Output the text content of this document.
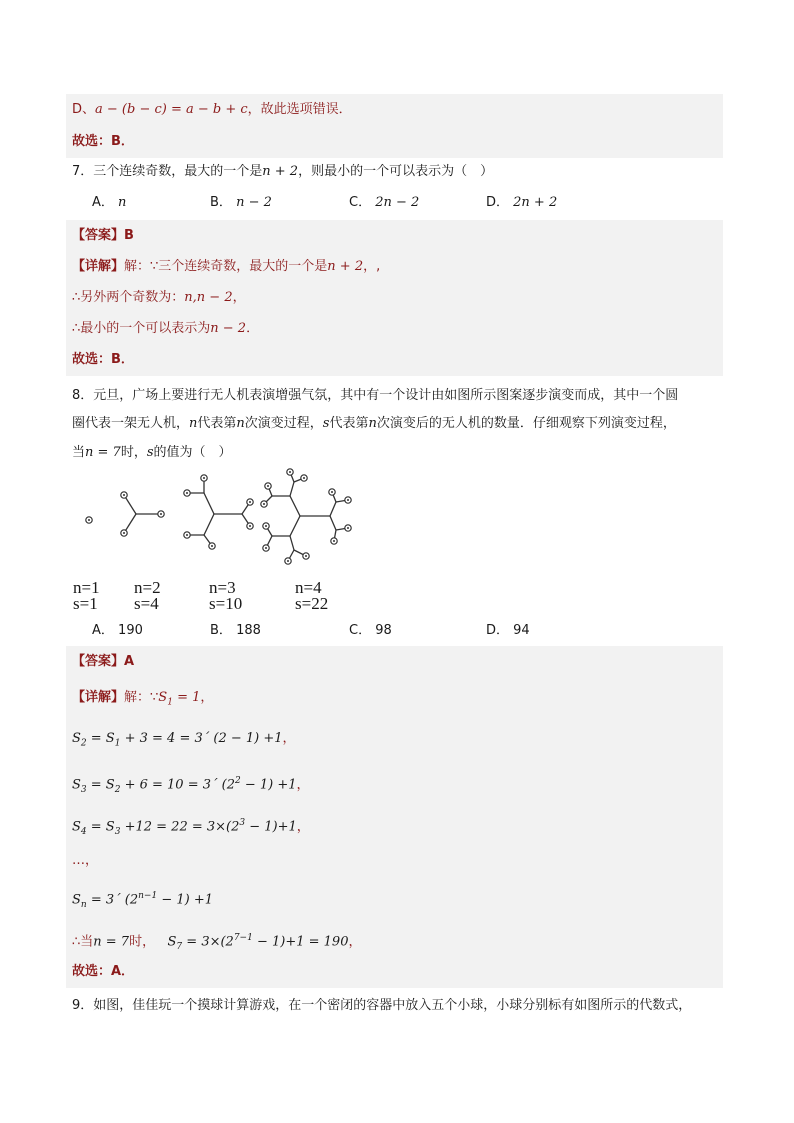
D、a − (b − c) = a − b + c，故此选项错误．
故选：B．
7．三个连续奇数，最大的一个是n + 2，则最小的一个可以表示为（　）
A． n	B． n − 2	C． 2n − 2	D． 2n + 2
【答案】B
【详解】解：∵三个连续奇数，最大的一个是n + 2，,
∴另外两个奇数为：n,n − 2，
∴最小的一个可以表示为n − 2．
故选：B．
8．元旦，广场上要进行无人机表演增强气氛，其中有一个设计由如图所示图案逐步演变而成，其中一个圆
圈代表一架无人机，n代表第n次演变过程，s代表第n次演变后的无人机的数量．仔细观察下列演变过程，
当n = 7时，s的值为（　）
n=1
s=1
n=2
s=4
n=3
s=10
n=4
s=22
A． 190	B． 188	C． 98	D． 94
【答案】A
【详解】解：$\because S_1 = 1$，
$S_2 = S_1 + 3 = 4$ = 3´ (2 − 1) +1，
$S_3 = S_2 + 6 = 10$ = 3´ $(2^2 - 1) +1$，
$S_4 = S_3 +12 = 22 = 3\times(2^3 - 1)+1$，
…，
$S_n$ = 3´ $(2^{n-1} - 1) +1$
∴当n = 7时， $S_7 = 3\times(2^{7-1} - 1)+1 = 190$，
故选：A．
9．如图，佳佳玩一个摸球计算游戏，在一个密闭的容器中放入五个小球，小球分别标有如图所示的代数式，
